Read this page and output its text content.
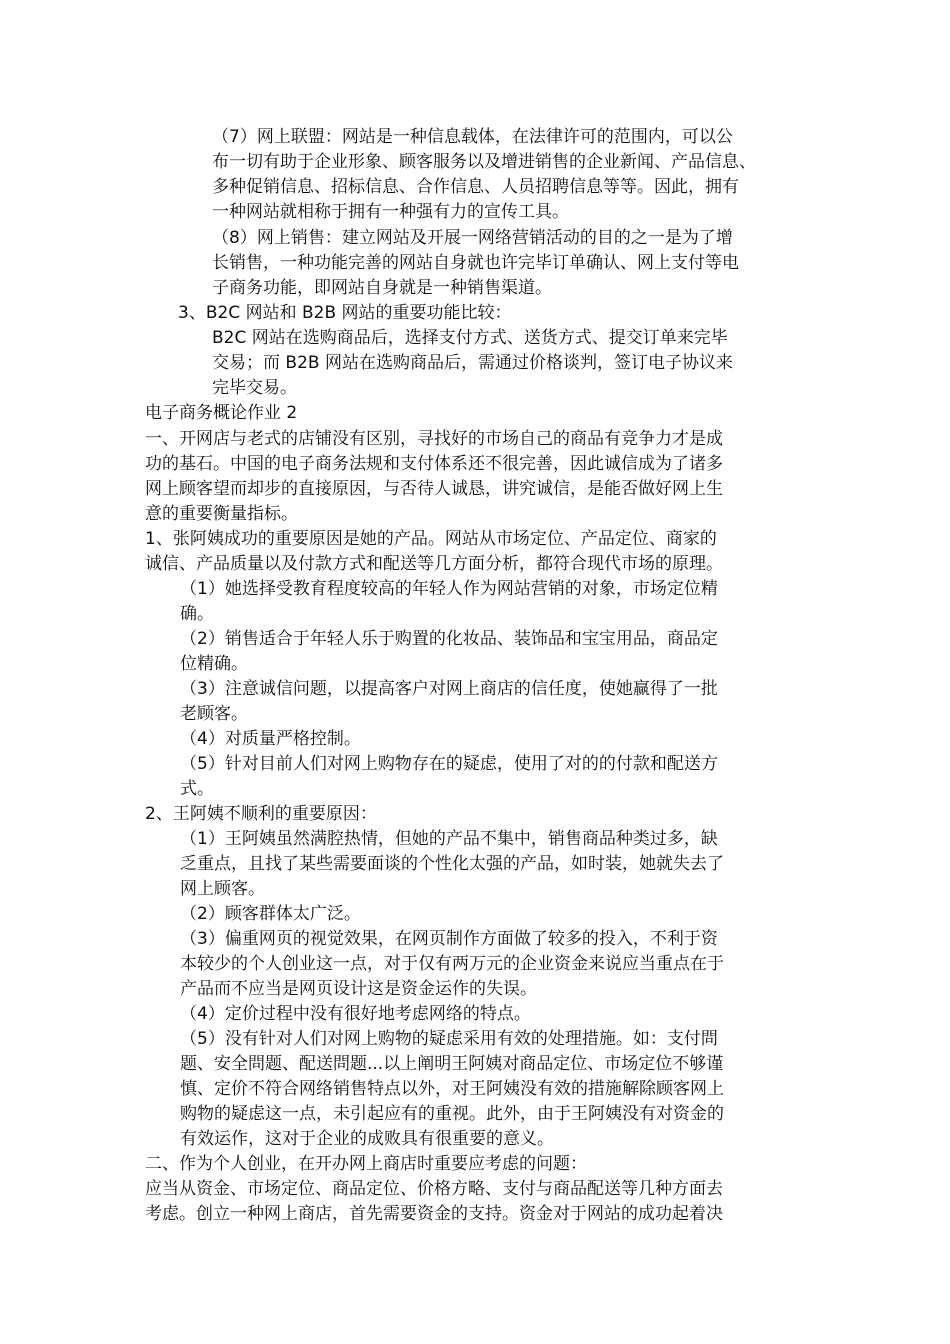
（7）网上联盟：网站是一种信息载体，在法律许可的范围内，可以公
布一切有助于企业形象、顾客服务以及增进销售的企业新闻、产品信息、
多种促销信息、招标信息、合作信息、人员招聘信息等等。因此，拥有
一种网站就相称于拥有一种强有力的宣传工具。
（8）网上销售：建立网站及开展一网络营销活动的目的之一是为了增
长销售，一种功能完善的网站自身就也许完毕订单确认、网上支付等电
子商务功能，即网站自身就是一种销售渠道。
3、B2C 网站和 B2B 网站的重要功能比较：
B2C 网站在选购商品后，选择支付方式、送货方式、提交订单来完毕
交易；而 B2B 网站在选购商品后，需通过价格谈判，签订电子协议来
完毕交易。
电子商务概论作业 2
一、开网店与老式的店铺没有区别，寻找好的市场自己的商品有竞争力才是成
功的基石。中国的电子商务法规和支付体系还不很完善，因此诚信成为了诸多
网上顾客望而却步的直接原因，与否待人诚恳，讲究诚信，是能否做好网上生
意的重要衡量指标。
1、张阿姨成功的重要原因是她的产品。网站从市场定位、产品定位、商家的
诚信、产品质量以及付款方式和配送等几方面分析，都符合现代市场的原理。
（1）她选择受教育程度较高的年轻人作为网站营销的对象，市场定位精
确。
（2）销售适合于年轻人乐于购置的化妆品、装饰品和宝宝用品，商品定
位精确。
（3）注意诚信问题，以提高客户对网上商店的信任度，使她赢得了一批
老顾客。
（4）对质量严格控制。
（5）针对目前人们对网上购物存在的疑虑，使用了对的的付款和配送方
式。
2、王阿姨不顺利的重要原因：
（1）王阿姨虽然满腔热情，但她的产品不集中，销售商品种类过多，缺
乏重点，且找了某些需要面谈的个性化太强的产品，如时装，她就失去了
网上顾客。
（2）顾客群体太广泛。
（3）偏重网页的视觉效果，在网页制作方面做了较多的投入，不利于资
本较少的个人创业这一点，对于仅有两万元的企业资金来说应当重点在于
产品而不应当是网页设计这是资金运作的失误。
（4）定价过程中没有很好地考虑网络的特点。
（5）没有针对人们对网上购物的疑虑采用有效的处理措施。如：支付問
题、安全問题、配送問题...以上阐明王阿姨对商品定位、市场定位不够谨
慎、定价不符合网络销售特点以外，对王阿姨没有效的措施解除顾客网上
购物的疑虑这一点，未引起应有的重视。此外，由于王阿姨没有对资金的
有效运作，这对于企业的成败具有很重要的意义。
二、作为个人创业，在开办网上商店时重要应考虑的问题：
应当从资金、市场定位、商品定位、价格方略、支付与商品配送等几种方面去
考虑。创立一种网上商店，首先需要资金的支持。资金对于网站的成功起着决
